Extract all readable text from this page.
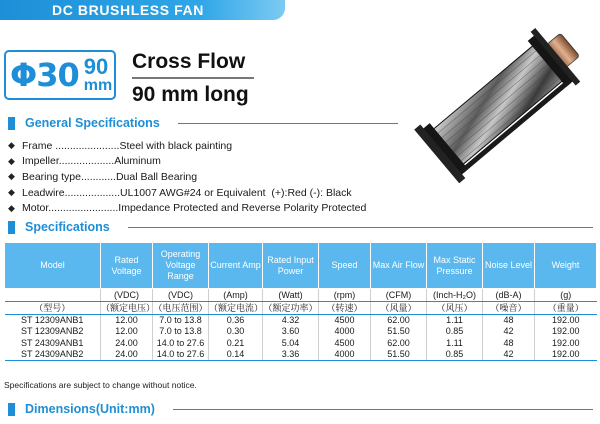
DC BRUSHLESS FAN
Φ30 90
mm
Cross Flow
90 mm long
General Specifications
◆ Frame ...................... Steel with black painting
◆ Impeller................... Aluminum
◆ Bearing type............ Dual Ball Bearing
◆ Leadwire................... UL1007 AWG#24 or Equivalent  (+):Red (-): Black
◆ Motor........................ Impedance Protected and Reverse Polarity Protected
Specifications
Model	Rated Voltage	Operating Voltage Range	Current Amp	Rated Input Power	Speed	Max Air Flow	Max Static Pressure	Noise Level	Weight
	(VDC)	(VDC)	(Amp)	(Watt)	(rpm)	(CFM)	(Inch-H₂O)	(dB-A)	(g)
（型号）	（额定电压）	（电压范围）	（额定电流）	（额定功率）	（转速）	（风量）	（风压）	（噪音）	（重量）
ST 12309ANB1	12.00	7.0 to 13.8	0.36	4.32	4500	62.00	1.11	48	192.00
ST 12309ANB2	12.00	7.0 to 13.8	0.30	3.60	4000	51.50	0.85	42	192.00
ST 24309ANB1	24.00	14.0 to 27.6	0.21	5.04	4500	62.00	1.11	48	192.00
ST 24309ANB2	24.00	14.0 to 27.6	0.14	3.36	4000	51.50	0.85	42	192.00
Specifications are subject to change without notice.
Dimensions(Unit:mm)
